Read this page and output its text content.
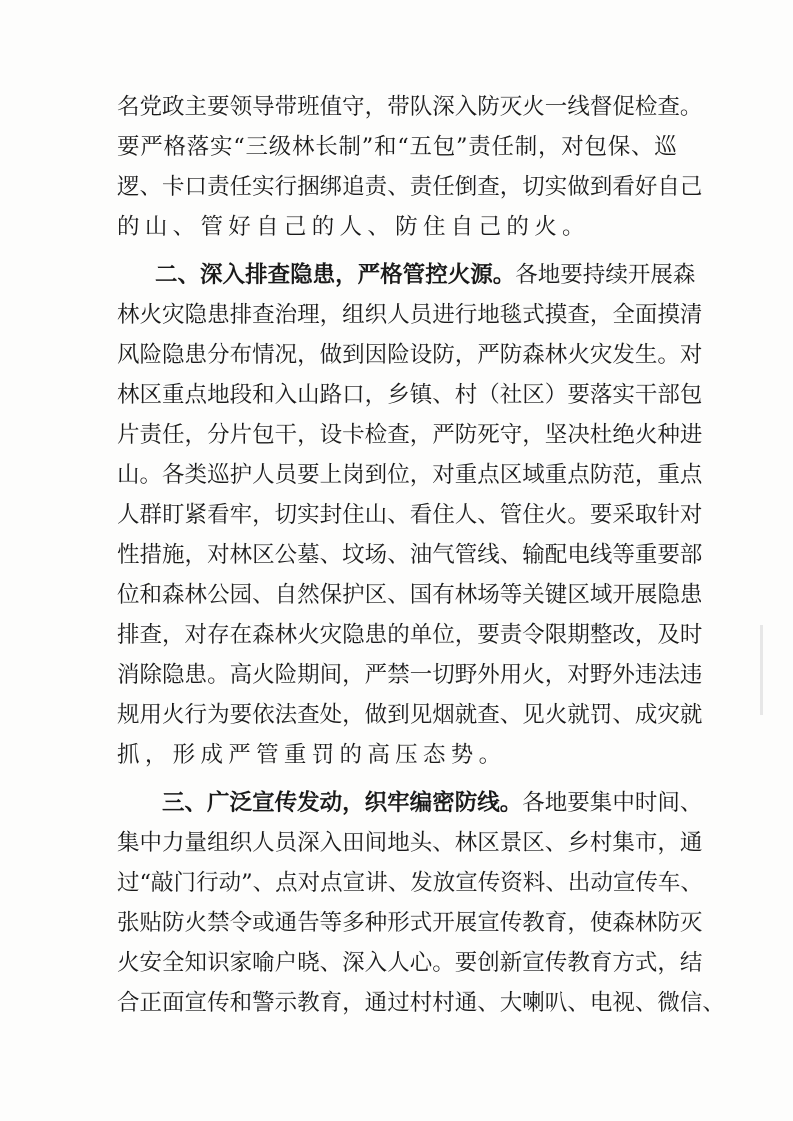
名 党 政 主 要 领 导 带 班 值 守 ， 带 队 深 入 防 灭 火 一 线 督 促 检 查 。
要 严 格 落 实 “ 三 级 林 长 制 ” 和 “ 五 包 ” 责 任 制 ， 对 包 保 、 巡
逻 、 卡 口 责 任 实 行 捆 绑 追 责 、 责 任 倒 查 ， 切 实 做 到 看 好 自 己
的 山 、 管 好 自 己 的 人 、 防 住 自 己 的 火 。
二 、 深 入 排 查 隐 患 ， 严 格 管 控 火 源 。 各 地 要 持 续 开 展 森
林 火 灾 隐 患 排 查 治 理 ， 组 织 人 员 进 行 地 毯 式 摸 查 ， 全 面 摸 清
风 险 隐 患 分 布 情 况 ， 做 到 因 险 设 防 ， 严 防 森 林 火 灾 发 生 。 对
林 区 重 点 地 段 和 入 山 路 口 ， 乡 镇 、 村 （ 社 区 ） 要 落 实 干 部 包
片 责 任 ， 分 片 包 干 ， 设 卡 检 查 ， 严 防 死 守 ， 坚 决 杜 绝 火 种 进
山 。 各 类 巡 护 人 员 要 上 岗 到 位 ， 对 重 点 区 域 重 点 防 范 ， 重 点
人 群 盯 紧 看 牢 ， 切 实 封 住 山 、 看 住 人 、 管 住 火 。 要 采 取 针 对
性 措 施 ， 对 林 区 公 墓 、 坟 场 、 油 气 管 线 、 输 配 电 线 等 重 要 部
位 和 森 林 公 园 、 自 然 保 护 区 、 国 有 林 场 等 关 键 区 域 开 展 隐 患
排 查 ， 对 存 在 森 林 火 灾 隐 患 的 单 位 ， 要 责 令 限 期 整 改 ， 及 时
消 除 隐 患 。 高 火 险 期 间 ， 严 禁 一 切 野 外 用 火 ， 对 野 外 违 法 违
规 用 火 行 为 要 依 法 查 处 ， 做 到 见 烟 就 查 、 见 火 就 罚 、 成 灾 就
抓 ， 形 成 严 管 重 罚 的 高 压 态 势 。
三 、 广 泛 宣 传 发 动 ， 织 牢 编 密 防 线 。 各 地 要 集 中 时 间 、
集 中 力 量 组 织 人 员 深 入 田 间 地 头 、 林 区 景 区 、 乡 村 集 市 ， 通
过 “ 敲 门 行 动 ” 、 点 对 点 宣 讲 、 发 放 宣 传 资 料 、 出 动 宣 传 车 、
张 贴 防 火 禁 令 或 通 告 等 多 种 形 式 开 展 宣 传 教 育 ， 使 森 林 防 灭
火 安 全 知 识 家 喻 户 晓 、 深 入 人 心 。 要 创 新 宣 传 教 育 方 式 ， 结
合 正 面 宣 传 和 警 示 教 育 ， 通 过 村 村 通 、 大 喇 叭 、 电 视 、 微 信 、
